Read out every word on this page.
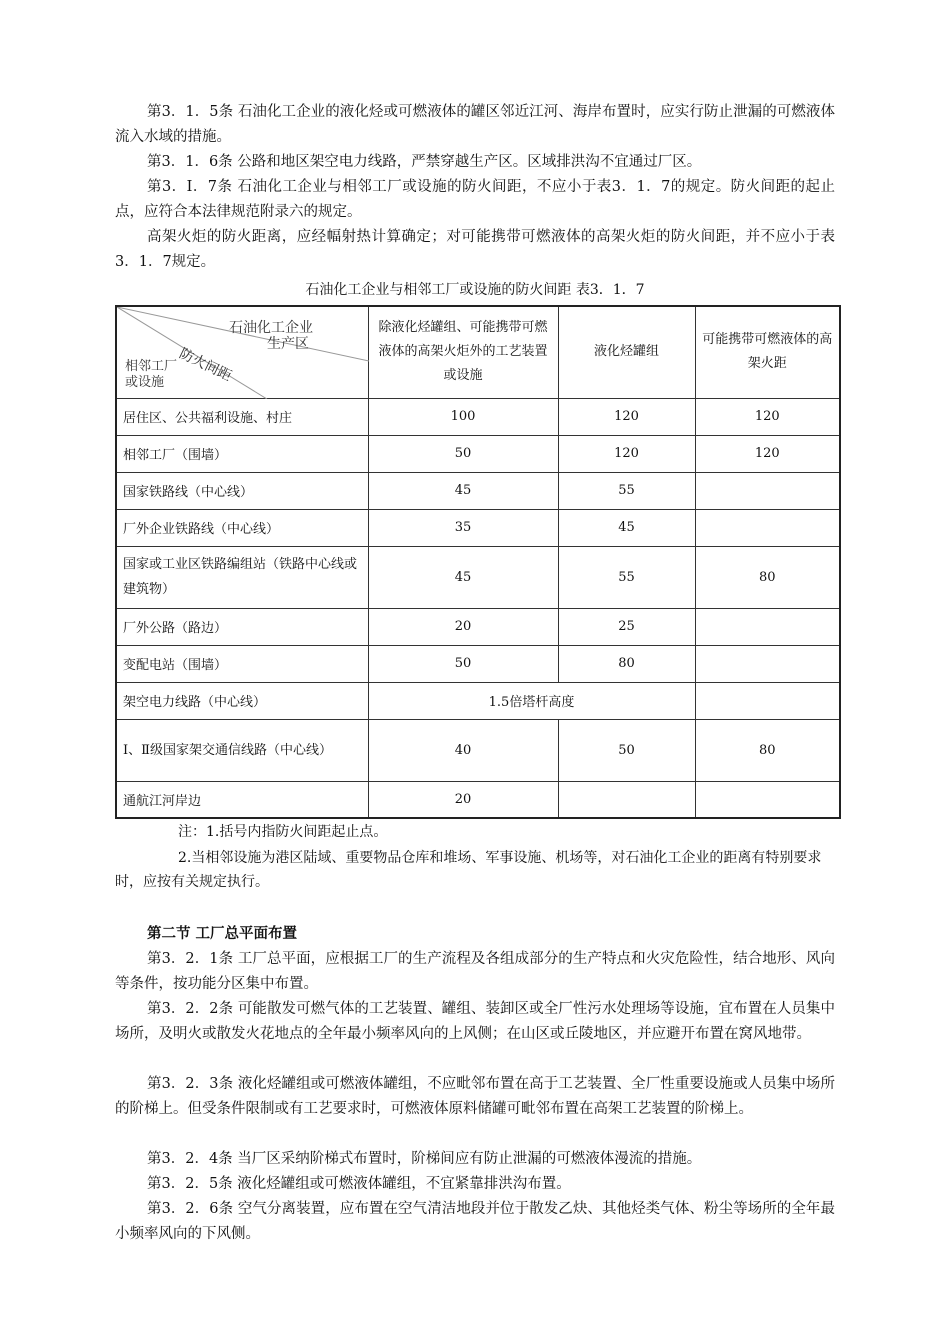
第3．1．5条 石油化工企业的液化烃或可燃液体的罐区邻近江河、海岸布置时，应实行防止泄漏的可燃液体流入水域的措施。

第3．1．6条 公路和地区架空电力线路，严禁穿越生产区。区域排洪沟不宜通过厂区。

第3．I．7条 石油化工企业与相邻工厂或设施的防火间距，不应小于表3．1．7的规定。防火间距的起止点，应符合本法律规范附录六的规定。

高架火炬的防火距离，应经幅射热计算确定；对可能携带可燃液体的高架火炬的防火间距，并不应小于表3．1．7规定。

石油化工企业与相邻工厂或设施的防火间距 表3．1．7
石油化工企业
生产区
防火间距
相邻工厂
或设施	除液化烃罐组、可能携带可燃液体的高架火炬外的工艺装置或设施	液化烃罐组	可能携带可燃液体的高架火距
居住区、公共福利设施、村庄	100	120	120
相邻工厂（围墙）	50	120	120
国家铁路线（中心线）	45	55	
厂外企业铁路线（中心线）	35	45	
国家或工业区铁路编组站（铁路中心线或建筑物）	45	55	80
厂外公路（路边）	20	25	
变配电站（围墙）	50	80	
架空电力线路（中心线）	1.5倍塔杆高度		
Ⅰ、Ⅱ级国家架交通信线路（中心线）	40	50	80
通航江河岸边	20		

注：1.括号内指防火间距起止点。

2.当相邻设施为港区陆域、重要物品仓库和堆场、军事设施、机场等，对石油化工企业的距离有特别要求时，应按有关规定执行。

第二节 工厂总平面布置

第3．2．1条 工厂总平面，应根据工厂的生产流程及各组成部分的生产特点和火灾危险性，结合地形、风向等条件，按功能分区集中布置。

第3．2．2条 可能散发可燃气体的工艺装置、罐组、装卸区或全厂性污水处理场等设施，宜布置在人员集中场所，及明火或散发火花地点的全年最小频率风向的上风侧；在山区或丘陵地区，并应避开布置在窝风地带。

第3．2．3条 液化烃罐组或可燃液体罐组，不应毗邻布置在高于工艺装置、全厂性重要设施或人员集中场所的阶梯上。但受条件限制或有工艺要求时，可燃液体原料储罐可毗邻布置在高架工艺装置的阶梯上。

第3．2．4条 当厂区采纳阶梯式布置时，阶梯间应有防止泄漏的可燃液体漫流的措施。

第3．2．5条 液化烃罐组或可燃液体罐组，不宜紧靠排洪沟布置。

第3．2．6条 空气分离装置，应布置在空气清洁地段并位于散发乙炔、其他烃类气体、粉尘等场所的全年最小频率风向的下风侧。
